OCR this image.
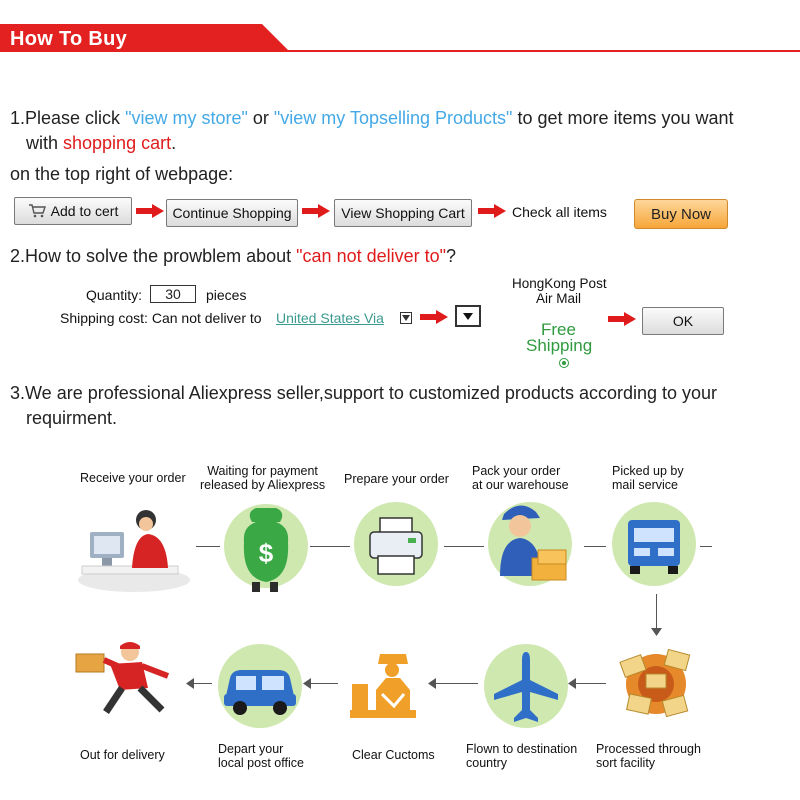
How To Buy
1.Please click "view my store" or "view my Topselling Products" to get more items you want
with shopping cart.
on the top right of webpage:
Add to cert	Continue Shopping	View Shopping Cart	Check all items	Buy Now
2.How to solve the prowblem about "can not deliver to"?
Quantity:	30	pieces
Shipping cost: Can not deliver to United States Via
HongKong Post
Air Mail
Free
Shipping
OK
3.We are professional Aliexpress seller,support to customized products according to your
requirment.
Receive your order	Waiting for payment
released by Aliexpress Prepare your order
Pack your order
at our warehouse
Picked up by
mail service
$
Out for delivery	Depart your
local post office
Clear Cuctoms	Flown to destination
country
Processed through
sort facility
